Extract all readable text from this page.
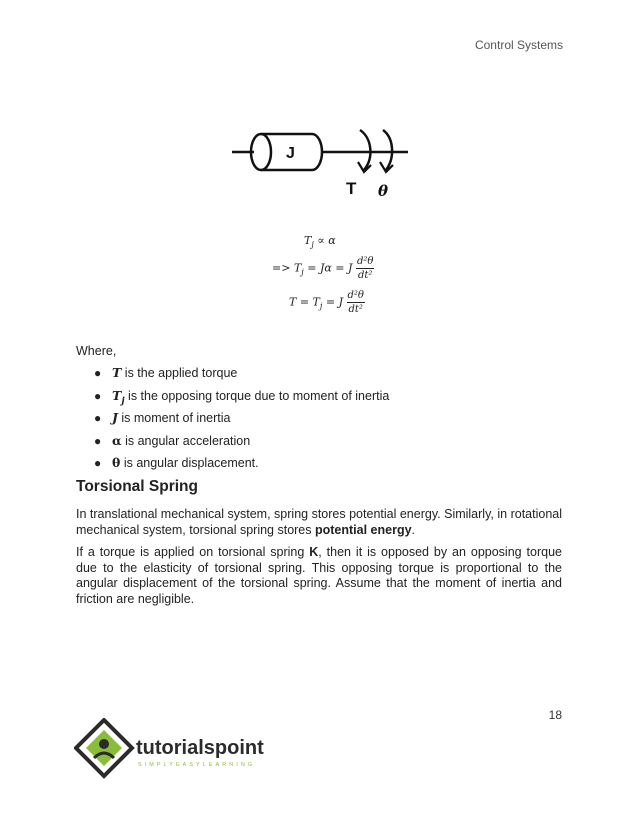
Control Systems
J
T θ
$T_j \propto \alpha$
=> $T_j = J\alpha = J \frac{\text{d²θ}}{\text{dt²}}$
$T = T_j = J \frac{\text{d²θ}}{\text{dt²}}$
Where,
● T is the applied torque
● $T_j$ is the opposing torque due to moment of inertia
● J is moment of inertia
● α is angular acceleration
● θ is angular displacement.
Torsional Spring

In translational mechanical system, spring stores potential energy. Similarly, in rotational mechanical system, torsional spring stores potential energy.

If a torque is applied on torsional spring K, then it is opposed by an opposing torque due to the elasticity of torsional spring. This opposing torque is proportional to the angular displacement of the torsional spring. Assume that the moment of inertia and friction are negligible.

18
tutorialspoint
SIMPLYEASYLEARNING
